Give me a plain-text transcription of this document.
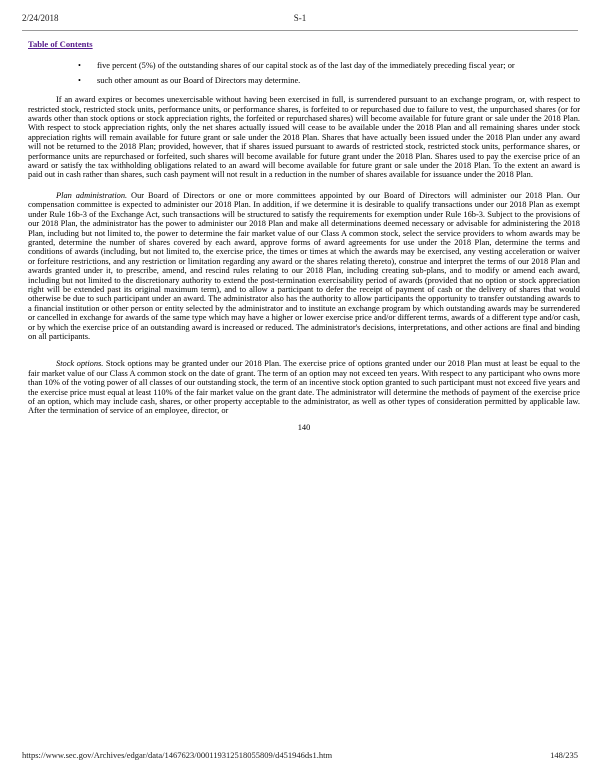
2/24/2018	S-1
Table of Contents
• five percent (5%) of the outstanding shares of our capital stock as of the last day of the immediately preceding fiscal year; or
• such other amount as our Board of Directors may determine.

If an award expires or becomes unexercisable without having been exercised in full, is surrendered pursuant to an exchange program, or, with respect to restricted stock, restricted stock units, performance units, or performance shares, is forfeited to or repurchased due to failure to vest, the unpurchased shares (or for awards other than stock options or stock appreciation rights, the forfeited or repurchased shares) will become available for future grant or sale under the 2018 Plan. With respect to stock appreciation rights, only the net shares actually issued will cease to be available under the 2018 Plan and all remaining shares under stock appreciation rights will remain available for future grant or sale under the 2018 Plan. Shares that have actually been issued under the 2018 Plan under any award will not be returned to the 2018 Plan; provided, however, that if shares issued pursuant to awards of restricted stock, restricted stock units, performance shares, or performance units are repurchased or forfeited, such shares will become available for future grant under the 2018 Plan. Shares used to pay the exercise price of an award or satisfy the tax withholding obligations related to an award will become available for future grant or sale under the 2018 Plan. To the extent an award is paid out in cash rather than shares, such cash payment will not result in a reduction in the number of shares available for issuance under the 2018 Plan.

Plan administration. Our Board of Directors or one or more committees appointed by our Board of Directors will administer our 2018 Plan. Our compensation committee is expected to administer our 2018 Plan. In addition, if we determine it is desirable to qualify transactions under our 2018 Plan as exempt under Rule 16b-3 of the Exchange Act, such transactions will be structured to satisfy the requirements for exemption under Rule 16b-3. Subject to the provisions of our 2018 Plan, the administrator has the power to administer our 2018 Plan and make all determinations deemed necessary or advisable for administering the 2018 Plan, including but not limited to, the power to determine the fair market value of our Class A common stock, select the service providers to whom awards may be granted, determine the number of shares covered by each award, approve forms of award agreements for use under the 2018 Plan, determine the terms and conditions of awards (including, but not limited to, the exercise price, the times or times at which the awards may be exercised, any vesting acceleration or waiver or forfeiture restrictions, and any restriction or limitation regarding any award or the shares relating thereto), construe and interpret the terms of our 2018 Plan and awards granted under it, to prescribe, amend, and rescind rules relating to our 2018 Plan, including creating sub-plans, and to modify or amend each award, including but not limited to the discretionary authority to extend the post-termination exercisability period of awards (provided that no option or stock appreciation right will be extended past its original maximum term), and to allow a participant to defer the receipt of payment of cash or the delivery of shares that would otherwise be due to such participant under an award. The administrator also has the authority to allow participants the opportunity to transfer outstanding awards to a financial institution or other person or entity selected by the administrator and to institute an exchange program by which outstanding awards may be surrendered or cancelled in exchange for awards of the same type which may have a higher or lower exercise price and/or different terms, awards of a different type and/or cash, or by which the exercise price of an outstanding award is increased or reduced. The administrator's decisions, interpretations, and other actions are final and binding on all participants.

Stock options. Stock options may be granted under our 2018 Plan. The exercise price of options granted under our 2018 Plan must at least be equal to the fair market value of our Class A common stock on the date of grant. The term of an option may not exceed ten years. With respect to any participant who owns more than 10% of the voting power of all classes of our outstanding stock, the term of an incentive stock option granted to such participant must not exceed five years and the exercise price must equal at least 110% of the fair market value on the grant date. The administrator will determine the methods of payment of the exercise price of an option, which may include cash, shares, or other property acceptable to the administrator, as well as other types of consideration permitted by applicable law. After the termination of service of an employee, director, or

140

https://www.sec.gov/Archives/edgar/data/1467623/000119312518055809/d451946ds1.htm	148/235
